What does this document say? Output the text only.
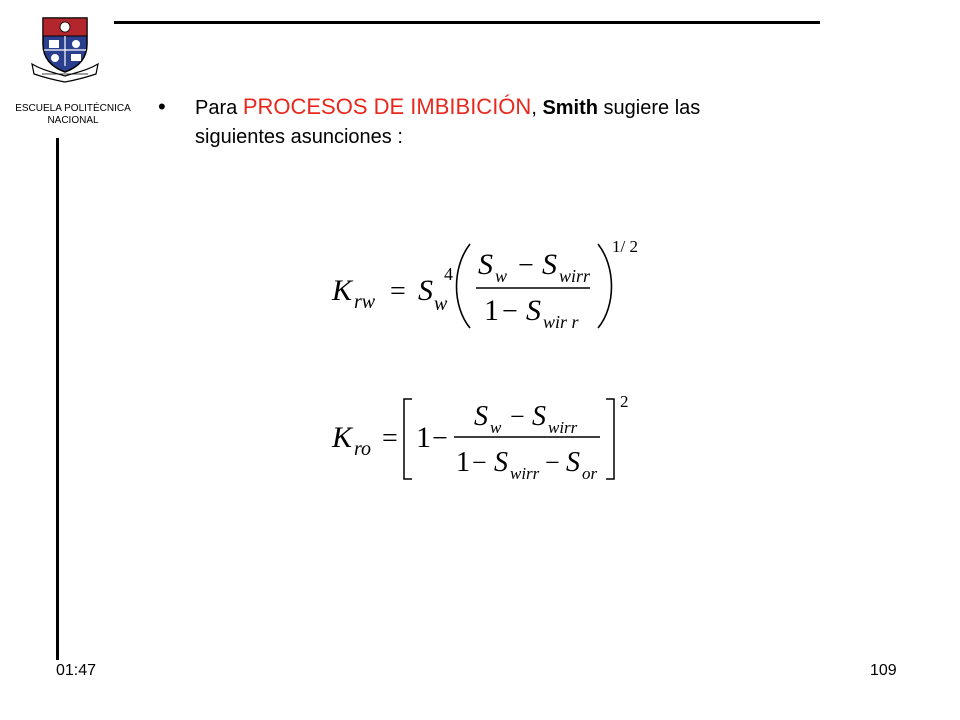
ESCUELA POLITÉCNICA
NACIONAL
• Para PROCESOS DE IMBIBICIÓN, Smith sugiere las
siguientes asunciones :
K rw = S w
4 S w − S wirr
1 − S wir r
1/ 2
K ro = 1 −
S w − S wirr
1 − S wirr − S or
2
01:47	109
